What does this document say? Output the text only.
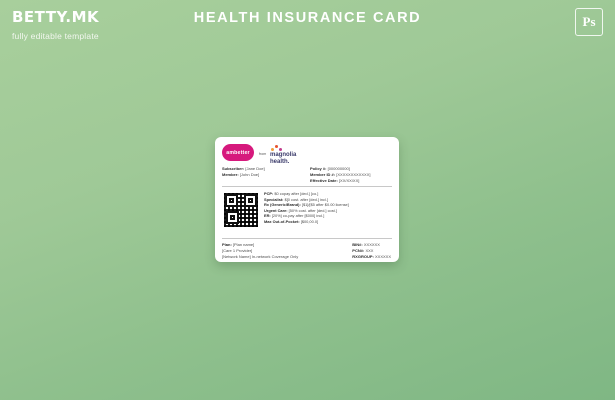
BETTY.MK
fully editable template
HEALTH INSURANCE CARD	Ps
ambetter	from magnolia
health.
Subscriber: [Jane Doe]
Member: [John Doe]
Policy #: [000000000]
Member ID #: [XXXXXXXXXXXX]
Effective Date: [XX/XX/XX]
PCP: $0 copay after [ded.] [co.]
Specialist: $[0 cost. after [ded.] incl.]
Rx (Generic/Brand): [$1]/[$5 after $0.00 license]
Urgent Care: [50% cost. after [ded.] cost.]
ER: [20%] co-pay after [$000] incl.]
Max Out-of-Pocket: [$00,00.0]
Plan: [Plan name]
[Care 1 Provider]
[Network Name] In-network Coverage Only
BIN#: XXXXXX
PCN#: XXX
RXGROUP: XXXXXX
